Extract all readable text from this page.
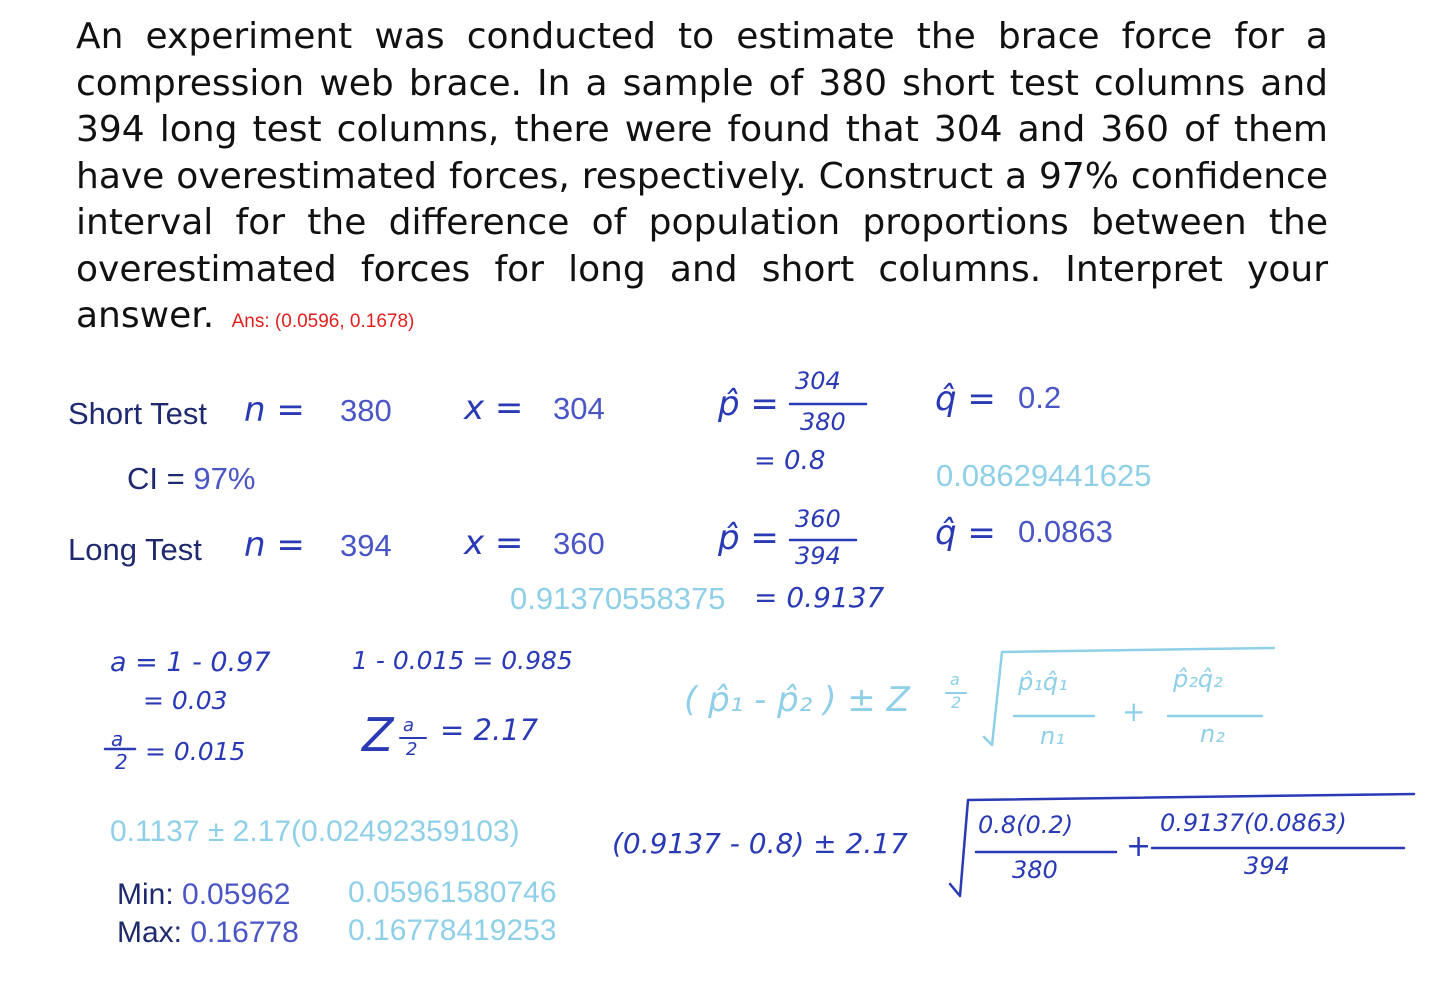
An experiment was conducted to estimate the brace force for a compression web brace. In a sample of 380 short test columns and 394 long test columns, there were found that 304 and 360 of them have overestimated forces, respectively. Construct a 97% confidence interval for the difference of population proportions between the overestimated forces for long and short columns. Interpret your answer. Ans: (0.0596, 0.1678)
Short Test n = 380 x = 304	p̂ =
304
380
= 0.8
q̂ = 0.2
0.08629441625
CI = 97%
Long Test n = 394 x = 360	p̂ = 360
394
0.91370558375 = 0.9137
q̂ = 0.0863
a = 1 - 0.97
= 0.03
a
2 = 0.015
1 - 0.015 = 0.985
Z a
2
= 2.17
( p̂₁ - p̂₂ ) ± Z
a
2
p̂₁q̂₁
n₁
+
p̂₂q̂₂
n₂
(0.9137 - 0.8) ± 2.17
0.8(0.2)
380
+
0.9137(0.0863)
394
0.1137 ± 2.17(0.02492359103)
Min: 0.05962
Max: 0.16778
0.05961580746
0.16778419253
